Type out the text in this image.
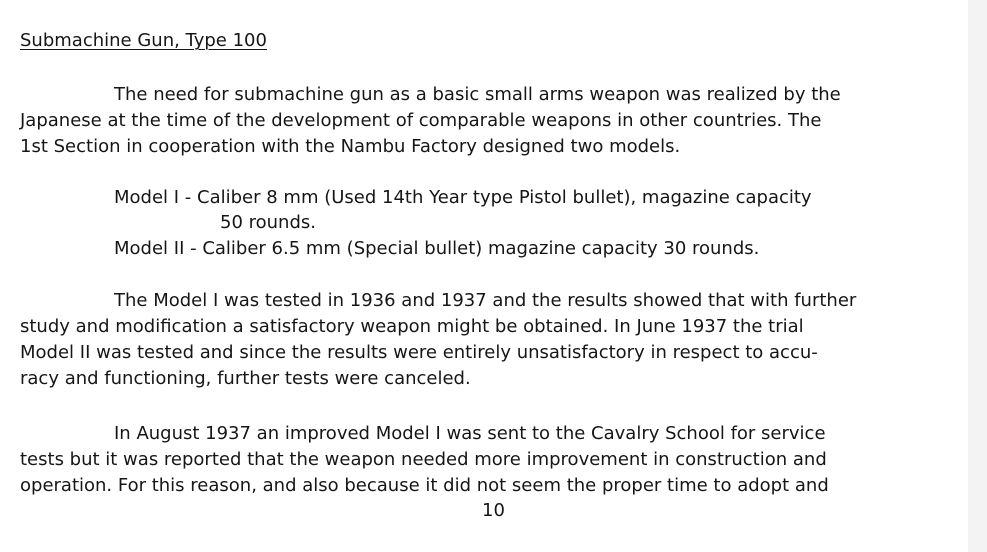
Submachine Gun, Type 100
The need for submachine gun as a basic small arms weapon was realized by the
Japanese at the time of the development of comparable weapons in other countries. The
1st Section in cooperation with the Nambu Factory designed two models.
Model I - Caliber 8 mm (Used 14th Year type Pistol bullet), magazine capacity
50 rounds.
Model II - Caliber 6.5 mm (Special bullet) magazine capacity 30 rounds.
The Model I was tested in 1936 and 1937 and the results showed that with further
study and modification a satisfactory weapon might be obtained. In June 1937 the trial
Model II was tested and since the results were entirely unsatisfactory in respect to accu-
racy and functioning, further tests were canceled.
In August 1937 an improved Model I was sent to the Cavalry School for service
tests but it was reported that the weapon needed more improvement in construction and
operation. For this reason, and also because it did not seem the proper time to adopt and
10
